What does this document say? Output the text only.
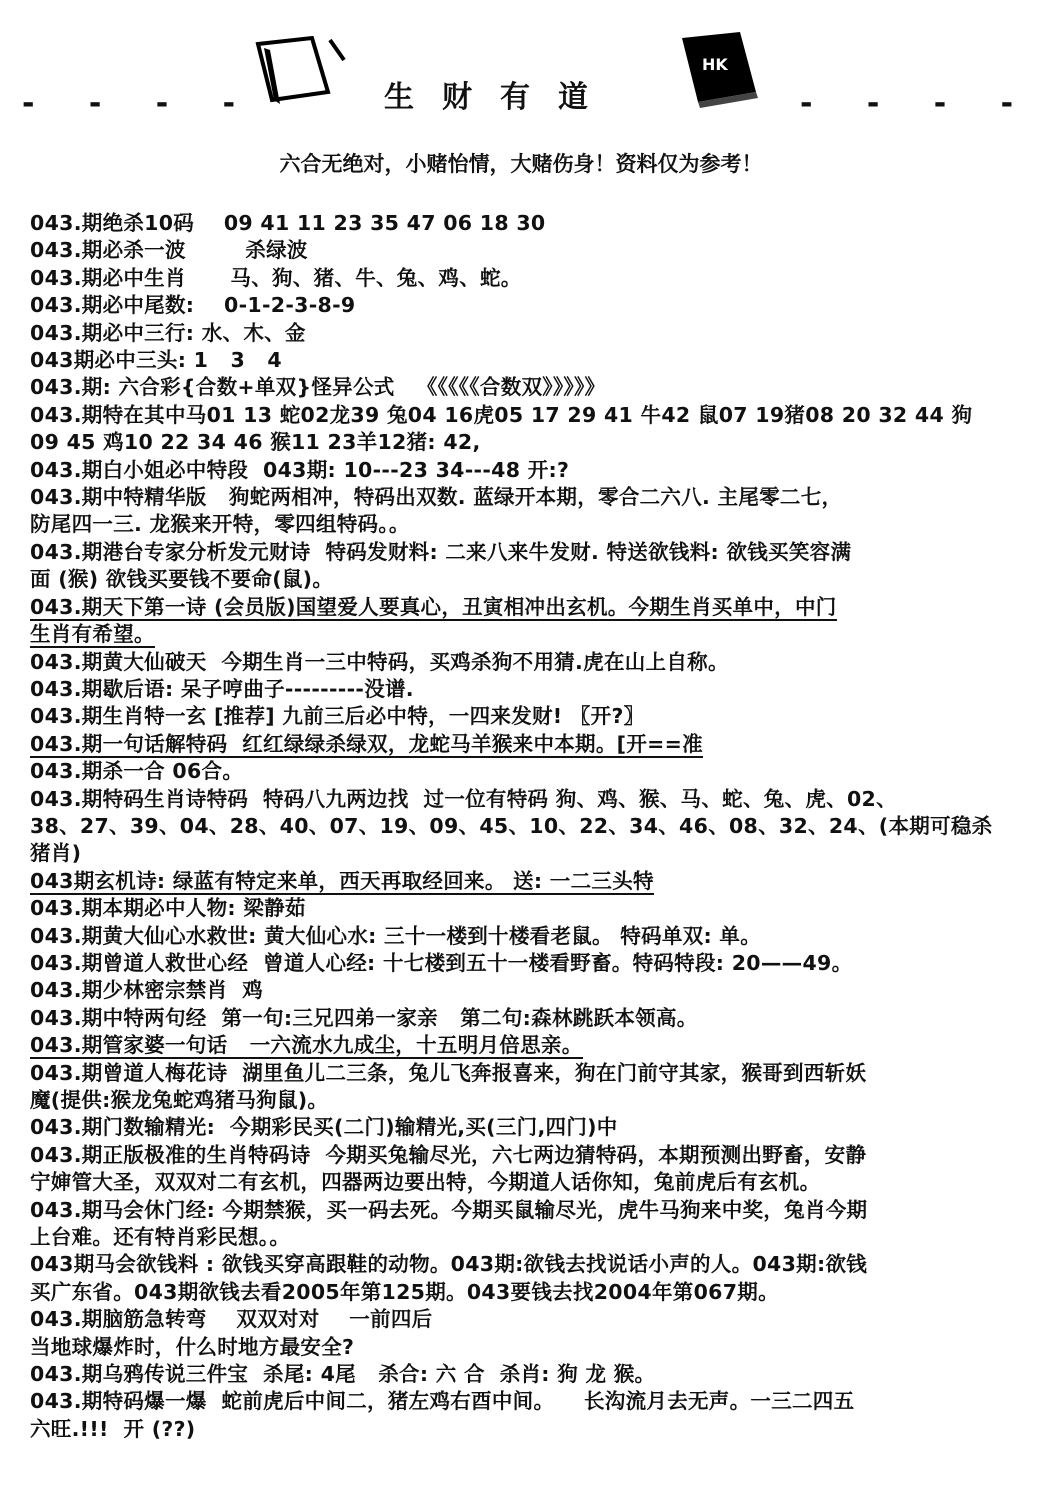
- - - -	生财有道
HK
- - - -
六合无绝对，小赌怡情，大赌伤身！资料仅为参考！
043.期绝杀10码    09 41 11 23 35 47 06 18 30
043.期必杀一波        杀绿波
043.期必中生肖      马、狗、猪、牛、兔、鸡、蛇。
043.期必中尾数:    0-1-2-3-8-9
043.期必中三行: 水、木、金
043期必中三头: 1   3   4
043.期: 六合彩{合数+单双}怪异公式   《《《《《合数双》》》》》
043.期特在其中马01 13 蛇02龙39 兔04 16虎05 17 29 41 牛42 鼠07 19猪08 20 32 44 狗
09 45 鸡10 22 34 46 猴11 23羊12猪: 42,
043.期白小姐必中特段  043期: 10---23 34---48 开:?
043.期中特精华版   狗蛇两相冲，特码出双数. 蓝绿开本期，零合二六八. 主尾零二七，
防尾四一三. 龙猴来开特，零四组特码。。
043.期港台专家分析发元财诗  特码发财料: 二来八来牛发财. 特送欲钱料: 欲钱买笑容满
面 (猴) 欲钱买要钱不要命(鼠)。
043.期天下第一诗 (会员版)国望爱人要真心，丑寅相冲出玄机。今期生肖买单中，中门
生肖有希望。
043.期黄大仙破天  今期生肖一三中特码，买鸡杀狗不用猜.虎在山上自称。
043.期歇后语: 呆子哼曲子---------没谱.
043.期生肖特一玄 [推荐] 九前三后必中特，一四来发财! 〖开?〗
043.期一句话解特码  红红绿绿杀绿双，龙蛇马羊猴来中本期。[开==准
043.期杀一合 06合。
043.期特码生肖诗特码  特码八九两边找  过一位有特码 狗、鸡、猴、马、蛇、兔、虎、02、
38、27、39、04、28、40、07、19、09、45、10、22、34、46、08、32、24、(本期可稳杀
猪肖)
043期玄机诗: 绿蓝有特定来单，西天再取经回来。 送: 一二三头特
043.期本期必中人物: 梁静茹
043.期黄大仙心水救世: 黄大仙心水: 三十一楼到十楼看老鼠。 特码单双: 单。
043.期曾道人救世心经  曾道人心经: 十七楼到五十一楼看野畜。特码特段: 20——49。
043.期少林密宗禁肖  鸡
043.期中特两句经  第一句:三兄四弟一家亲   第二句:森林跳跃本领高。
043.期管家婆一句话   一六流水九成尘，十五明月倍思亲。
043.期曾道人梅花诗  湖里鱼儿二三条，兔儿飞奔报喜来，狗在门前守其家，猴哥到西斩妖
魔(提供:猴龙兔蛇鸡猪马狗鼠)。
043.期门数输精光:  今期彩民买(二门)输精光,买(三门,四门)中
043.期正版极准的生肖特码诗  今期买兔输尽光，六七两边猜特码，本期预测出野畜，安静
宁婶管大圣，双双对二有玄机，四器两边要出特，今期道人话你知，兔前虎后有玄机。
043.期马会休门经: 今期禁猴，买一码去死。今期买鼠输尽光，虎牛马狗来中奖，兔肖今期
上台难。还有特肖彩民想。。
043期马会欲钱料 : 欲钱买穿高跟鞋的动物。043期:欲钱去找说话小声的人。043期:欲钱
买广东省。043期欲钱去看2005年第125期。043要钱去找2004年第067期。
043.期脑筋急转弯    双双对对    一前四后
当地球爆炸时，什么时地方最安全?
043.期乌鸦传说三件宝  杀尾: 4尾   杀合: 六 合  杀肖: 狗 龙 猴。
043.期特码爆一爆  蛇前虎后中间二，猪左鸡右酉中间。    长沟流月去无声。一三二四五
六旺.!!!  开 (??)
